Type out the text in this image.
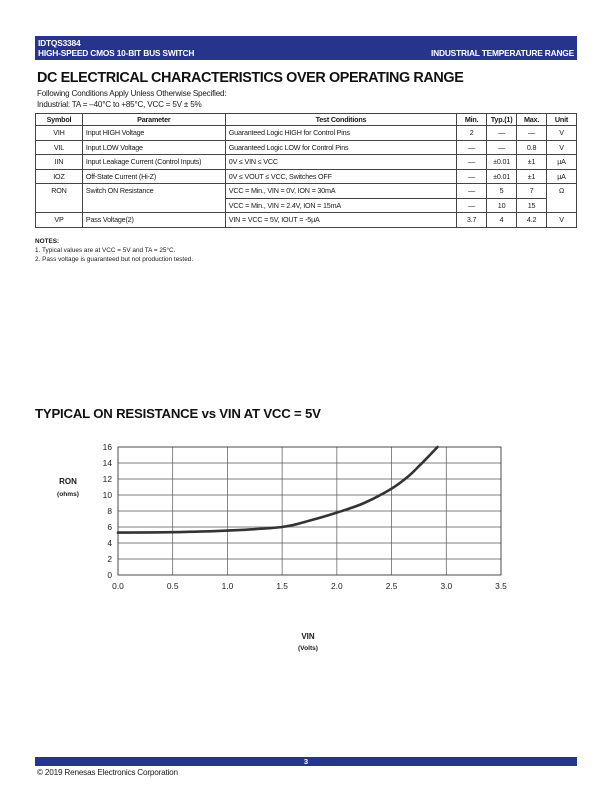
IDTQS3384
HIGH-SPEED CMOS 10-BIT BUS SWITCH	INDUSTRIAL TEMPERATURE RANGE
DC ELECTRICAL CHARACTERISTICS OVER OPERATING RANGE
Following Conditions Apply Unless Otherwise Specified:
Industrial: TA = –40°C to +85°C, VCC = 5V ± 5%
Symbol	Parameter	Test Conditions	Min.	Typ.(1)	Max.	Unit
VIH	Input HIGH Voltage	Guaranteed Logic HIGH for Control Pins	2	—	—	V
VIL	Input LOW Voltage	Guaranteed Logic LOW for Control Pins	—	—	0.8	V
IIN	Input Leakage Current (Control Inputs)	0V ≤ VIN ≤ VCC	—	±0.01	±1	µA
IOZ	Off-State Current (Hi-Z)	0V ≤ VOUT ≤ VCC, Switches OFF	—	±0.01	±1	µA
RON	Switch ON Resistance	VCC = Min., VIN = 0V, ION = 30mA	—	5	7	Ω
		VCC = Min., VIN = 2.4V, ION = 15mA	—	10	15	
VP	Pass Voltage(2)	VIN = VCC = 5V, IOUT = -5µA	3.7	4	4.2	V
NOTES:
1. Typical values are at VCC = 5V and TA = 25°C.
2. Pass voltage is guaranteed but not production tested.
TYPICAL ON RESISTANCE vs VIN AT VCC = 5V
RON
(ohms)
VIN
(Volts)
0
2
4
6
8
10
12
14
16
0.0	0.5	1.0	1.5	2.0	2.5	3.0	3.5
3
© 2019 Renesas Electronics Corporation
